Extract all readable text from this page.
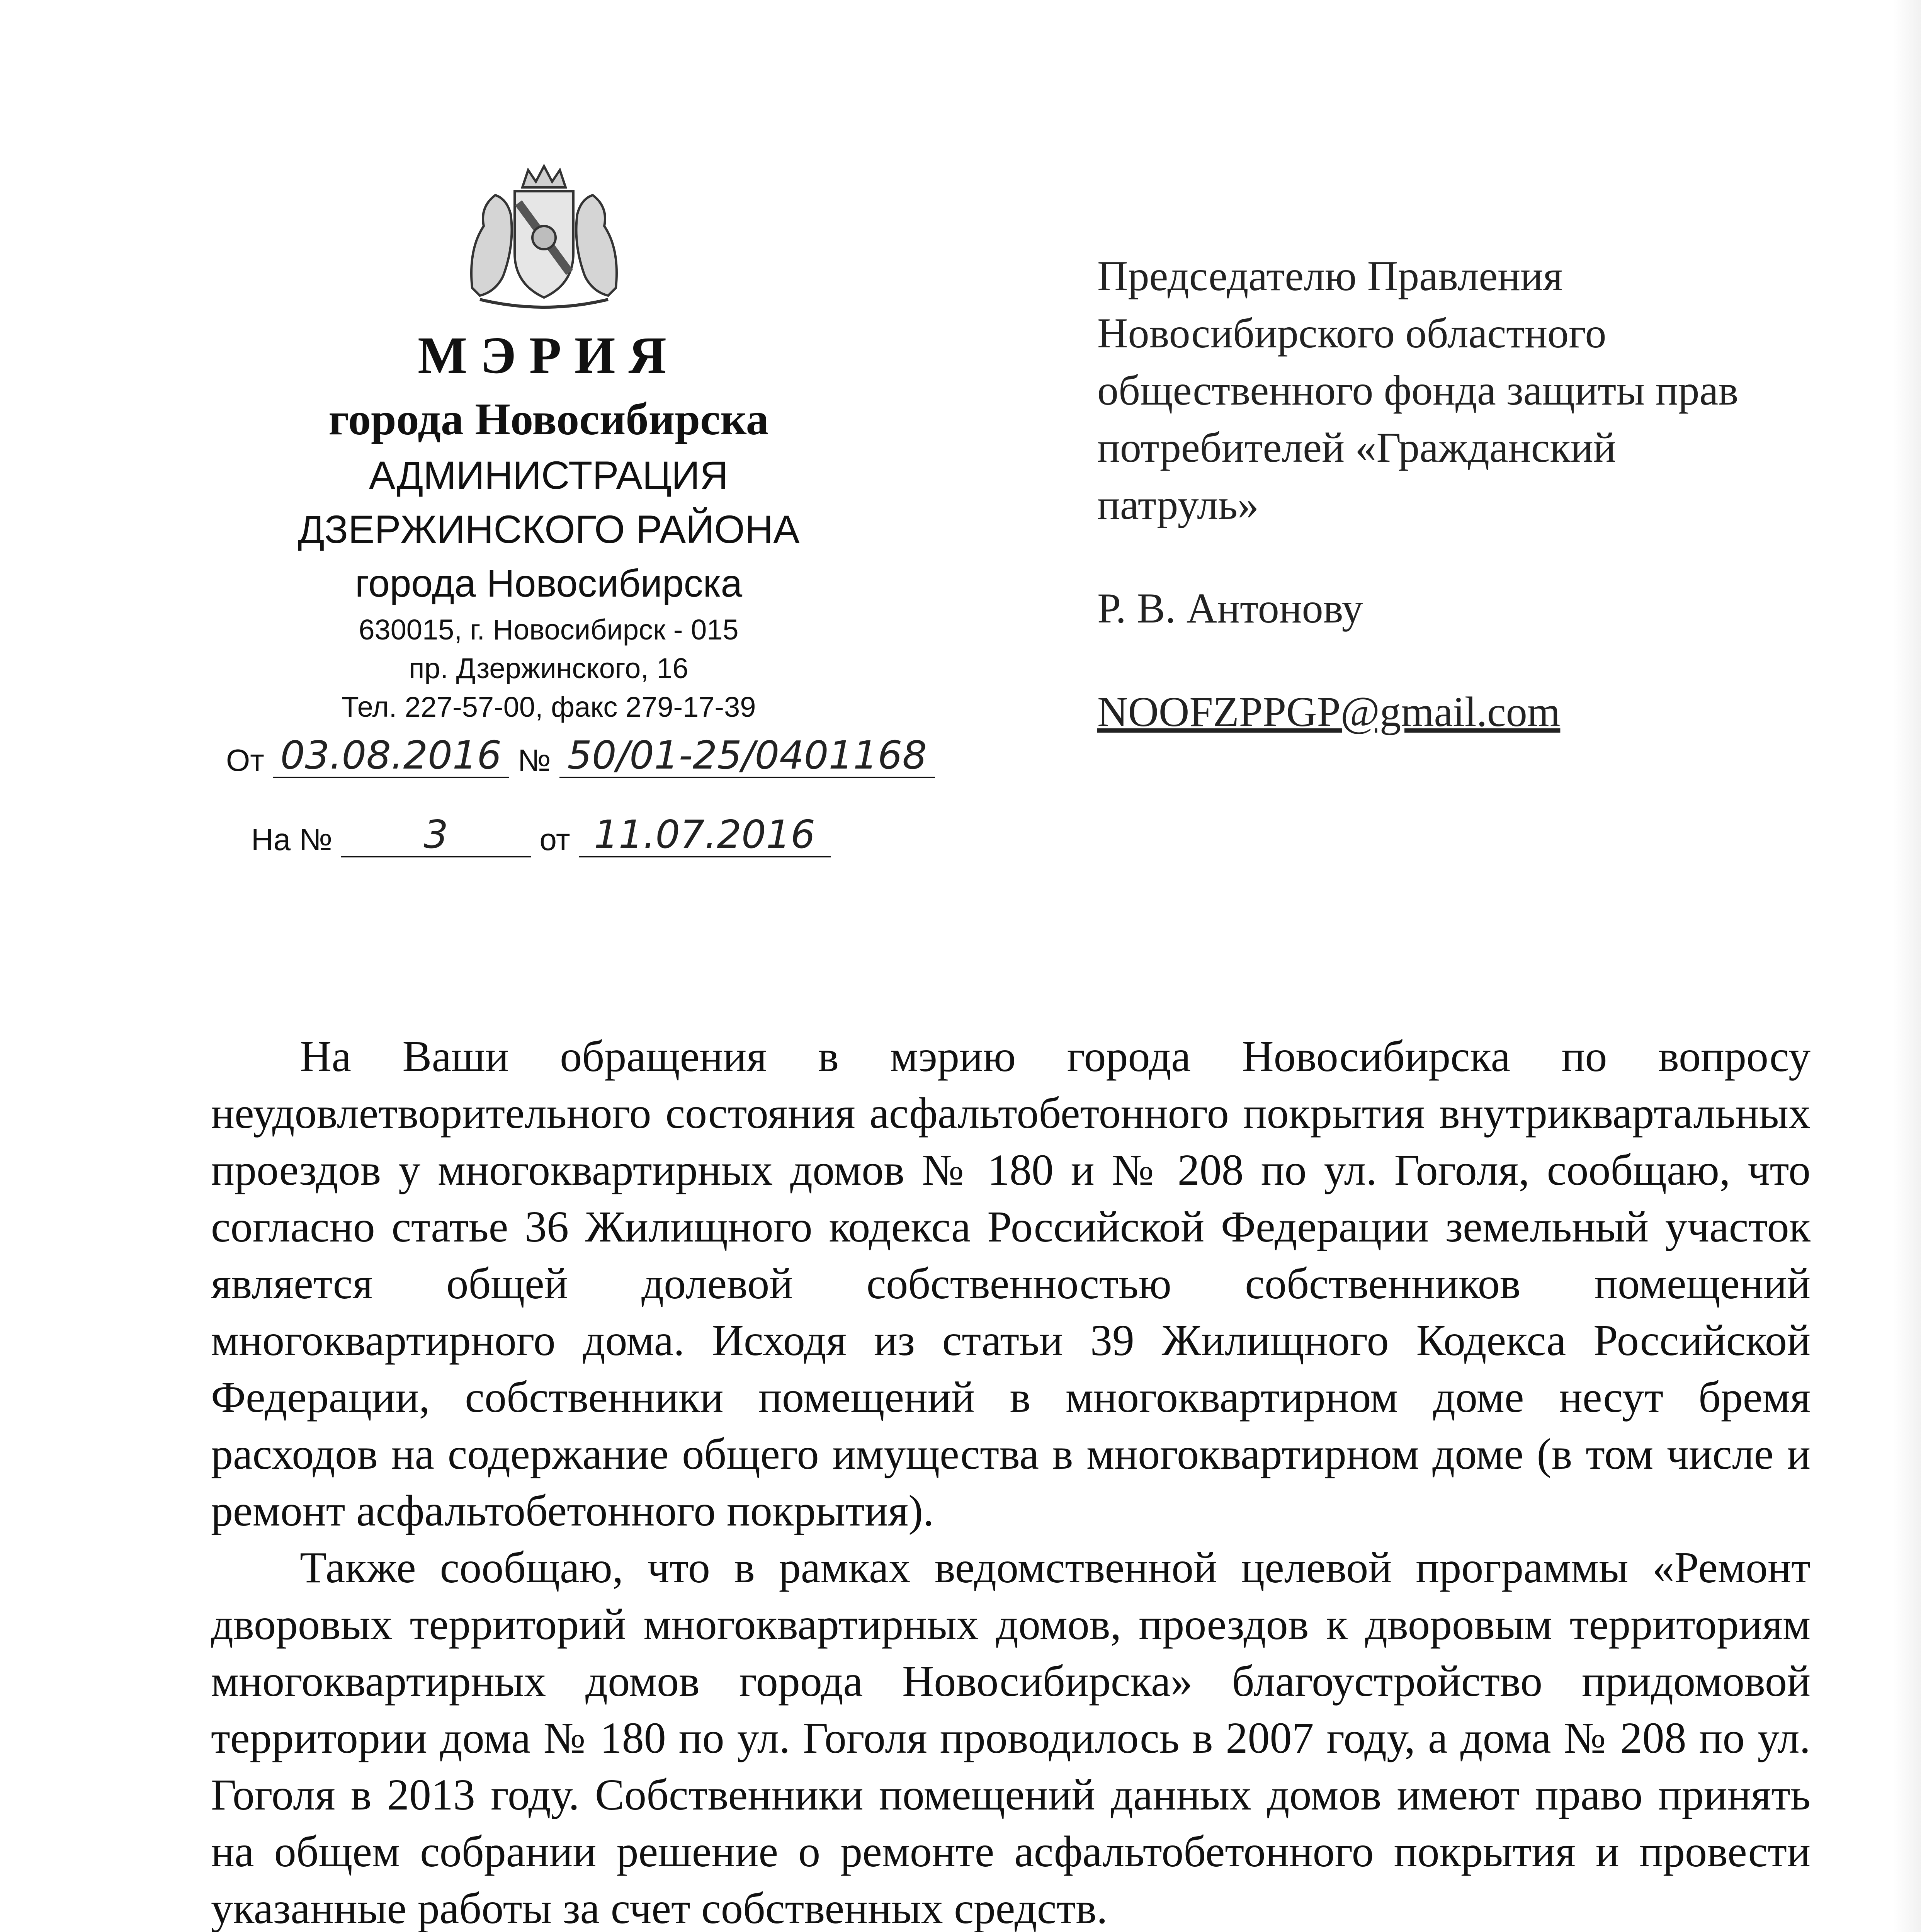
МЭРИЯ
города Новосибирска
АДМИНИСТРАЦИЯ
ДЗЕРЖИНСКОГО РАЙОНА
города Новосибирска
630015, г. Новосибирск - 015
пр. Дзержинского, 16
Тел. 227-57-00, факс 279-17-39
От 03.08.2016 № 50/01-25/0401168
На №	3	от 11.07.2016

Председателю Правления

Новосибирского областного

общественного фонда защиты прав

потребителей «Гражданский

патруль»

Р. В. Антонову

NOOFZPPGP@gmail.com

На Ваши обращения в мэрию города Новосибирска по вопросу неудовлетворительного состояния асфальтобетонного покрытия внутриквартальных проездов у многоквартирных домов № 180 и № 208 по ул. Гоголя, сообщаю, что согласно статье 36 Жилищного кодекса Российской Федерации земельный участок является общей долевой собственностью собственников помещений многоквартирного дома. Исходя из статьи 39 Жилищного Кодекса Российской Федерации, собственники помещений в многоквартирном доме несут бремя расходов на содержание общего имущества в многоквартирном доме (в том числе и ремонт асфальтобетонного покрытия).

Также сообщаю, что в рамках ведомственной целевой программы «Ремонт дворовых территорий многоквартирных домов, проездов к дворовым территориям многоквартирных домов города Новосибирска» благоустройство придомовой территории дома № 180 по ул. Гоголя проводилось в 2007 году, а дома № 208 по ул. Гоголя в 2013 году. Собственники помещений данных домов имеют право принять на общем собрании решение о ремонте асфальтобетонного покрытия и провести указанные работы за счет собственных средств.
